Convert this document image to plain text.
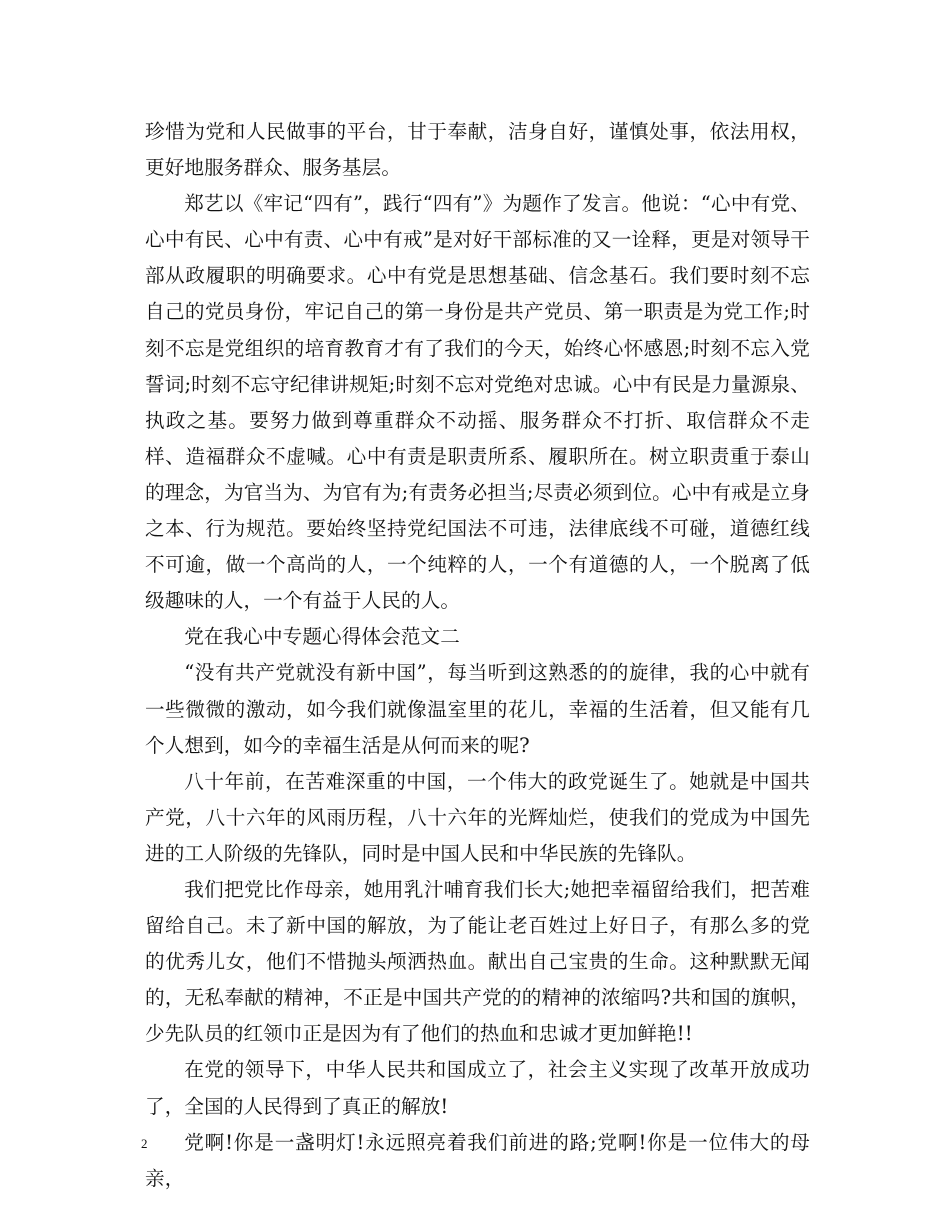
珍惜为党和人民做事的平台，甘于奉献，洁身自好，谨慎处事，依法用权，更好地服务群众、服务基层。

郑艺以《牢记“四有”，践行“四有”》为题作了发言。他说：“心中有党、心中有民、心中有责、心中有戒”是对好干部标准的又一诠释，更是对领导干部从政履职的明确要求。心中有党是思想基础、信念基石。我们要时刻不忘自己的党员身份，牢记自己的第一身份是共产党员、第一职责是为党工作;时刻不忘是党组织的培育教育才有了我们的今天，始终心怀感恩;时刻不忘入党誓词;时刻不忘守纪律讲规矩;时刻不忘对党绝对忠诚。心中有民是力量源泉、执政之基。要努力做到尊重群众不动摇、服务群众不打折、取信群众不走样、造福群众不虚喊。心中有责是职责所系、履职所在。树立职责重于泰山的理念，为官当为、为官有为;有责务必担当;尽责必须到位。心中有戒是立身之本、行为规范。要始终坚持党纪国法不可违，法律底线不可碰，道德红线不可逾，做一个高尚的人，一个纯粹的人，一个有道德的人，一个脱离了低级趣味的人，一个有益于人民的人。

党在我心中专题心得体会范文二

“没有共产党就没有新中国”，每当听到这熟悉的的旋律，我的心中就有一些微微的激动，如今我们就像温室里的花儿，幸福的生活着，但又能有几个人想到，如今的幸福生活是从何而来的呢?

八十年前，在苦难深重的中国，一个伟大的政党诞生了。她就是中国共产党，八十六年的风雨历程，八十六年的光辉灿烂，使我们的党成为中国先进的工人阶级的先锋队，同时是中国人民和中华民族的先锋队。

我们把党比作母亲，她用乳汁哺育我们长大;她把幸福留给我们，把苦难留给自己。未了新中国的解放，为了能让老百姓过上好日子，有那么多的党的优秀儿女，他们不惜抛头颅洒热血。献出自己宝贵的生命。这种默默无闻的，无私奉献的精神，不正是中国共产党的的精神的浓缩吗?共和国的旗帜，少先队员的红领巾正是因为有了他们的热血和忠诚才更加鲜艳!!

在党的领导下，中华人民共和国成立了，社会主义实现了改革开放成功了，全国的人民得到了真正的解放!

党啊!你是一盏明灯!永远照亮着我们前进的路;党啊!你是一位伟大的母亲，

2
